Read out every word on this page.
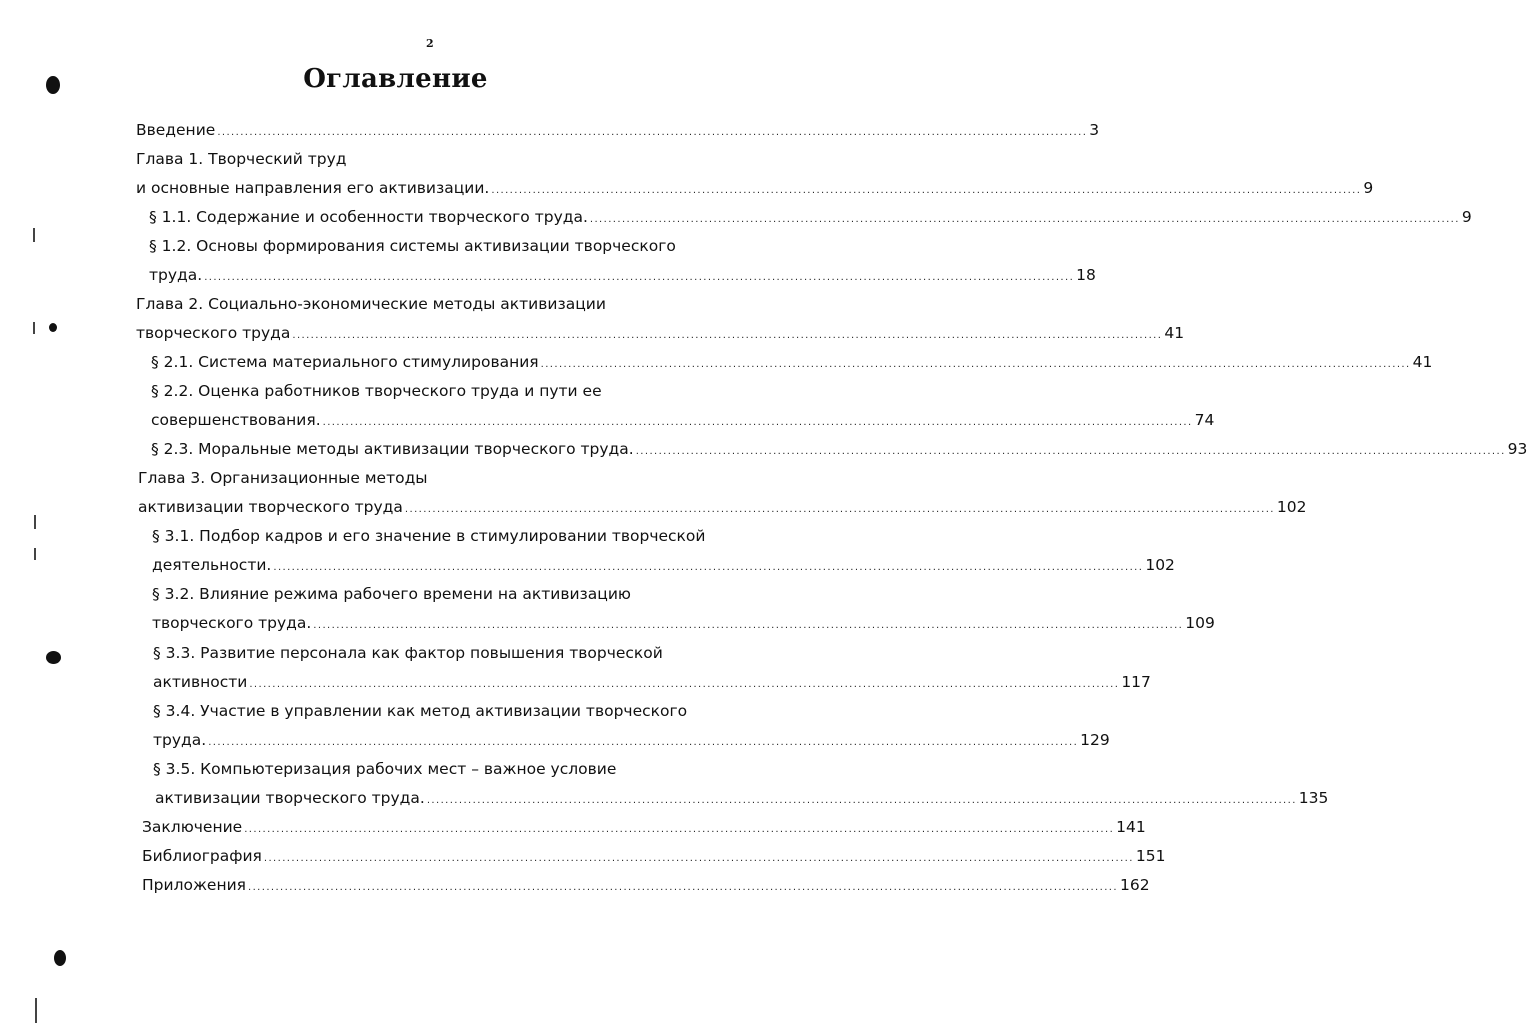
2
Оглавление
Введение .............................................................................................................................................................................................. 3
Глава 1. Творческий труд
и основные направления его активизации. .............................................................................................................................................................................................. 9
§ 1.1. Содержание и особенности творческого труда. .............................................................................................................................................................................................. 9
§ 1.2. Основы формирования системы активизации творческого
труда. .............................................................................................................................................................................................. 18
Глава 2. Социально-экономические методы активизации
творческого труда .............................................................................................................................................................................................. 41
§ 2.1. Система материального стимулирования .............................................................................................................................................................................................. 41
§ 2.2. Оценка работников творческого труда и пути ее
совершенствования. .............................................................................................................................................................................................. 74
§ 2.3. Моральные методы активизации творческого труда. .............................................................................................................................................................................................. 93
Глава 3. Организационные методы
активизации творческого труда .............................................................................................................................................................................................. 102
§ 3.1. Подбор кадров и его значение в стимулировании творческой
деятельности. .............................................................................................................................................................................................. 102
§ 3.2. Влияние режима рабочего времени на активизацию
творческого труда. .............................................................................................................................................................................................. 109
§ 3.3. Развитие персонала как фактор повышения творческой
активности .............................................................................................................................................................................................. 117
§ 3.4. Участие в управлении как метод активизации творческого
труда. .............................................................................................................................................................................................. 129
§ 3.5. Компьютеризация рабочих мест – важное условие
активизации творческого труда. .............................................................................................................................................................................................. 135
Заключение .............................................................................................................................................................................................. 141
Библиография .............................................................................................................................................................................................. 151
Приложения .............................................................................................................................................................................................. 162
